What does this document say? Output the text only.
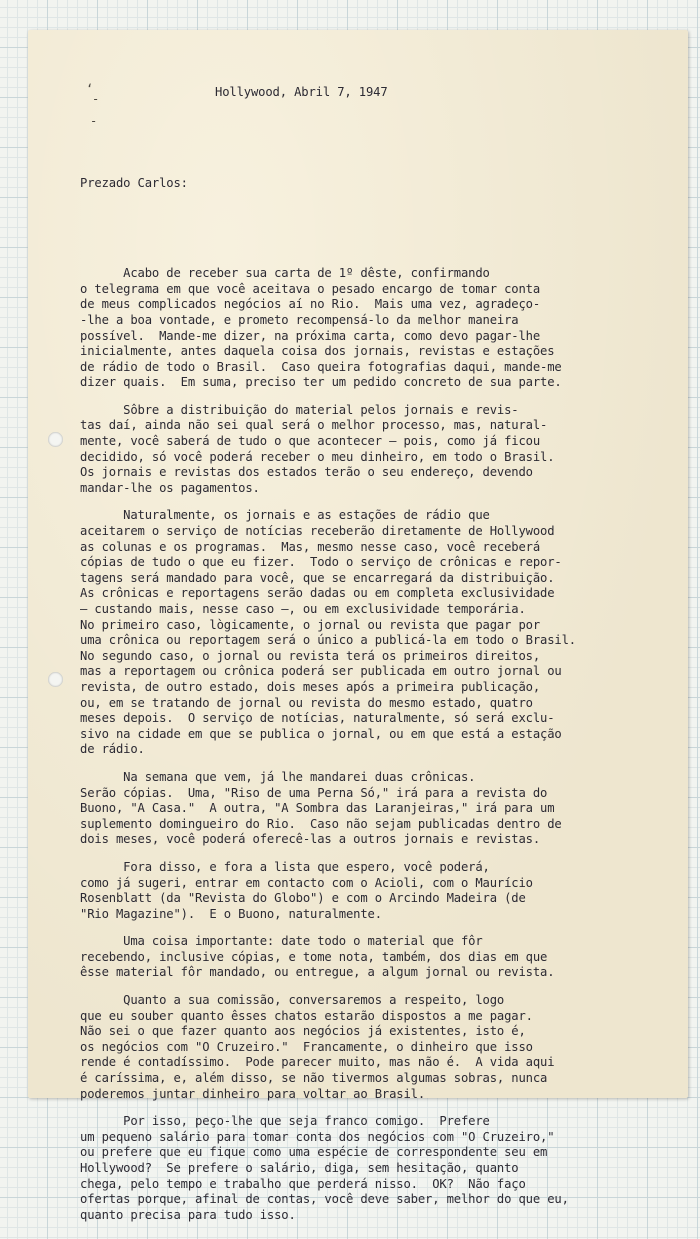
‘
-
-

Hollywood, Abril 7, 1947

Prezado Carlos:

Acabo de receber sua carta de 1º dêste, confirmando
o telegrama em que você aceitava o pesado encargo de tomar conta
de meus complicados negócios aí no Rio.  Mais uma vez, agradeço-
-lhe a boa vontade, e prometo recompensá-lo da melhor maneira
possível.  Mande-me dizer, na próxima carta, como devo pagar-lhe
inicialmente, antes daquela coisa dos jornais, revistas e estações
de rádio de todo o Brasil.  Caso queira fotografias daqui, mande-me
dizer quais.  Em suma, preciso ter um pedido concreto de sua parte.
Sôbre a distribuição do material pelos jornais e revis-
tas daí, ainda não sei qual será o melhor processo, mas, natural-
mente, você saberá de tudo o que acontecer — pois, como já ficou
decidido, só você poderá receber o meu dinheiro, em todo o Brasil.
Os jornais e revistas dos estados terão o seu endereço, devendo
mandar-lhe os pagamentos.
Naturalmente, os jornais e as estações de rádio que
aceitarem o serviço de notícias receberão diretamente de Hollywood
as colunas e os programas.  Mas, mesmo nesse caso, você receberá
cópias de tudo o que eu fizer.  Todo o serviço de crônicas e repor-
tagens será mandado para você, que se encarregará da distribuição.
As crônicas e reportagens serão dadas ou em completa exclusividade
— custando mais, nesse caso —, ou em exclusividade temporária.
No primeiro caso, lògicamente, o jornal ou revista que pagar por
uma crônica ou reportagem será o único a publicá-la em todo o Brasil.
No segundo caso, o jornal ou revista terá os primeiros direitos,
mas a reportagem ou crônica poderá ser publicada em outro jornal ou
revista, de outro estado, dois meses após a primeira publicação,
ou, em se tratando de jornal ou revista do mesmo estado, quatro
meses depois.  O serviço de notícias, naturalmente, só será exclu-
sivo na cidade em que se publica o jornal, ou em que está a estação
de rádio.
Na semana que vem, já lhe mandarei duas crônicas.
Serão cópias.  Uma, "Riso de uma Perna Só," irá para a revista do
Buono, "A Casa."  A outra, "A Sombra das Laranjeiras," irá para um
suplemento domingueiro do Rio.  Caso não sejam publicadas dentro de
dois meses, você poderá oferecê-las a outros jornais e revistas.
Fora disso, e fora a lista que espero, você poderá,
como já sugeri, entrar em contacto com o Acioli, com o Maurício
Rosenblatt (da "Revista do Globo") e com o Arcindo Madeira (de
"Rio Magazine").  E o Buono, naturalmente.
Uma coisa importante: date todo o material que fôr
recebendo, inclusive cópias, e tome nota, também, dos dias em que
êsse material fôr mandado, ou entregue, a algum jornal ou revista.
Quanto a sua comissão, conversaremos a respeito, logo
que eu souber quanto êsses chatos estarão dispostos a me pagar.
Não sei o que fazer quanto aos negócios já existentes, isto é,
os negócios com "O Cruzeiro."  Francamente, o dinheiro que isso
rende é contadíssimo.  Pode parecer muito, mas não é.  A vida aqui
é caríssima, e, além disso, se não tivermos algumas sobras, nunca
poderemos juntar dinheiro para voltar ao Brasil.
Por isso, peço-lhe que seja franco comigo.  Prefere
um pequeno salário para tomar conta dos negócios com "O Cruzeiro,"
ou prefere que eu fique como uma espécie de correspondente seu em
Hollywood?  Se prefere o salário, diga, sem hesitação, quanto
chega, pelo tempo e trabalho que perderá nisso.  OK?  Não faço
ofertas porque, afinal de contas, você deve saber, melhor do que eu,
quanto precisa para tudo isso.
